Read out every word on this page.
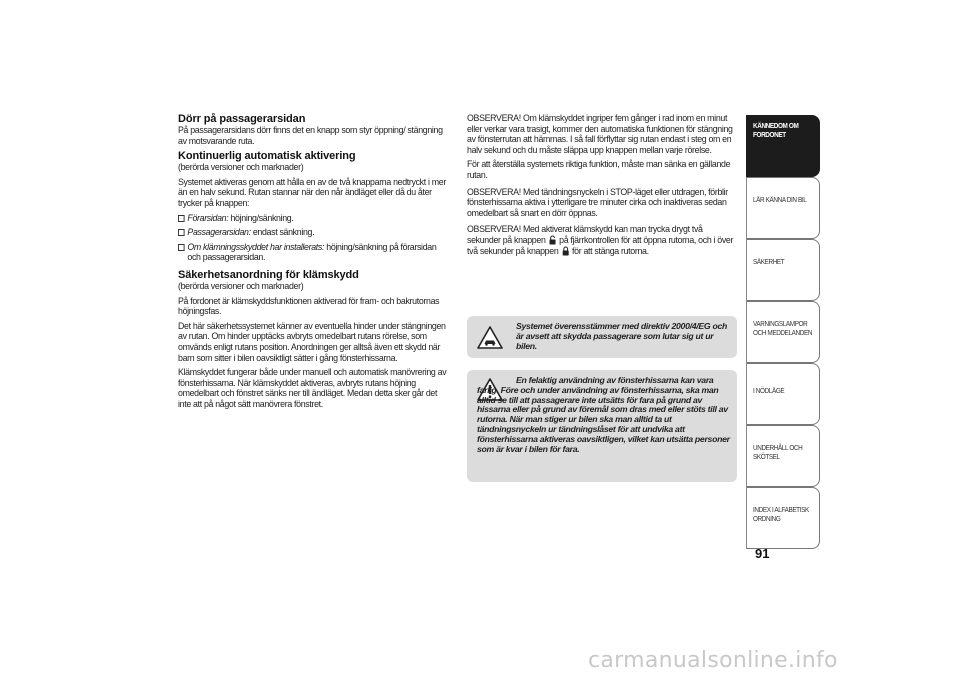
Dörr på passagerarsidan
På passagerarsidans dörr finns det en knapp som styr öppning/ stängning av motsvarande ruta.
Kontinuerlig automatisk aktivering
(berörda versioner och marknader)
Systemet aktiveras genom att hålla en av de två knapparna nedtryckt i mer än en halv sekund. Rutan stannar när den når ändläget eller då du åter trycker på knappen:
Förarsidan: höjning/sänkning.
Passagerarsidan: endast sänkning.
Om klämningsskyddet har installerats: höjning/sänkning på förarsidan och passagerarsidan.
Säkerhetsanordning för klämskydd
(berörda versioner och marknader)
På fordonet är klämskyddsfunktionen aktiverad för fram- och bakrutornas höjningsfas.
Det här säkerhetssystemet känner av eventuella hinder under stängningen av rutan. Om hinder upptäcks avbryts omedelbart rutans rörelse, som omvänds enligt rutans position. Anordningen ger alltså även ett skydd när barn som sitter i bilen oavsiktligt sätter i gång fönsterhissarna.
Klämskyddet fungerar både under manuell och automatisk manövrering av fönsterhissarna. När klämskyddet aktiveras, avbryts rutans höjning omedelbart och fönstret sänks ner till ändläget. Medan detta sker går det inte att på något sätt manövrera fönstret.
OBSERVERA! Om klämskyddet ingriper fem gånger i rad inom en minut eller verkar vara trasigt, kommer den automatiska funktionen för stängning av fönsterrutan att hämmas. I så fall förflyttar sig rutan endast i steg om en halv sekund och du måste släppa upp knappen mellan varje rörelse.
För att återställa systemets riktiga funktion, måste man sänka en gällande rutan.
OBSERVERA! Med tändningsnyckeln i STOP-läget eller utdragen, förblir fönsterhissarna aktiva i ytterligare tre minuter cirka och inaktiveras sedan omedelbart så snart en dörr öppnas.
OBSERVERA! Med aktiverat klämskydd kan man trycka drygt två sekunder på knappen  på fjärrkontrollen för att öppna rutorna, och i över två sekunder på knappen  för att stänga rutorna.
Systemet överensstämmer med direktiv 2000/4/EG och är avsett att skydda passagerare som lutar sig ut ur bilen.
En felaktig användning av fönsterhissarna kan vara farlig. Före och under användning av fönsterhissarna, ska man alltid se till att passagerare inte utsätts för fara på grund av hissarna eller på grund av föremål som dras med eller stöts till av rutorna. När man stiger ur bilen ska man alltid ta ut tändningsnyckeln ur tändningslåset för att undvika att fönsterhissarna aktiveras oavsiktligen, vilket kan utsätta personer som är kvar i bilen för fara.
KÄNNEDOM OM FORDONET
LÄR KÄNNA DIN BIL
SÄKERHET
VARNINGSLAMPOR OCH MEDDELANDEN
I NÖDLÄGE
UNDERHÅLL OCH SKÖTSEL
INDEX I ALFABETISK ORDNING
91
carmanualsonline.info
